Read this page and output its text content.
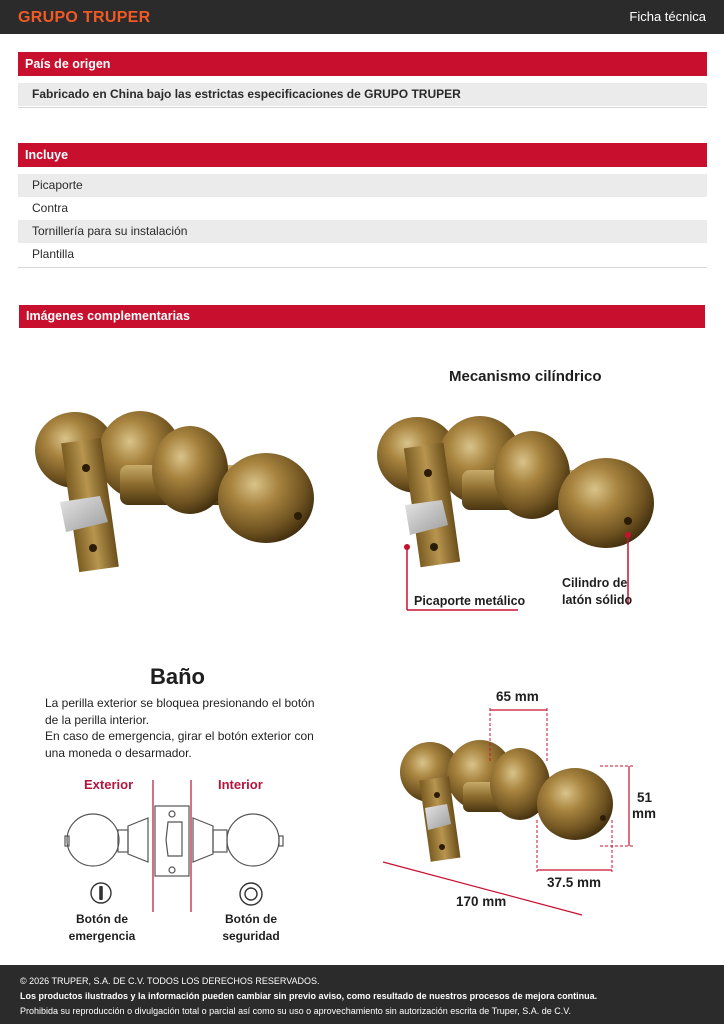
GRUPO TRUPER	Ficha técnica
País de origen
Fabricado en China bajo las estrictas especificaciones de GRUPO TRUPER
Incluye
Picaporte
Contra
Tornillería para su instalación
Plantilla
Imágenes complementarias
Mecanismo cilíndrico
Picaporte metálico
Cilindro de
latón sólido
Baño
La perilla exterior se bloquea presionando el botón
de la perilla interior.
En caso de emergencia, girar el botón exterior con
una moneda o desarmador.
Exterior	Interior
Botón de
emergencia
Botón de
seguridad
65 mm
51
mm
37.5 mm
170 mm
© 2026 TRUPER, S.A. DE C.V. TODOS LOS DERECHOS RESERVADOS.
Los productos ilustrados y la información pueden cambiar sin previo aviso, como resultado de nuestros procesos de mejora continua.
Prohibida su reproducción o divulgación total o parcial así como su uso o aprovechamiento sin autorización escrita de Truper, S.A. de C.V.
